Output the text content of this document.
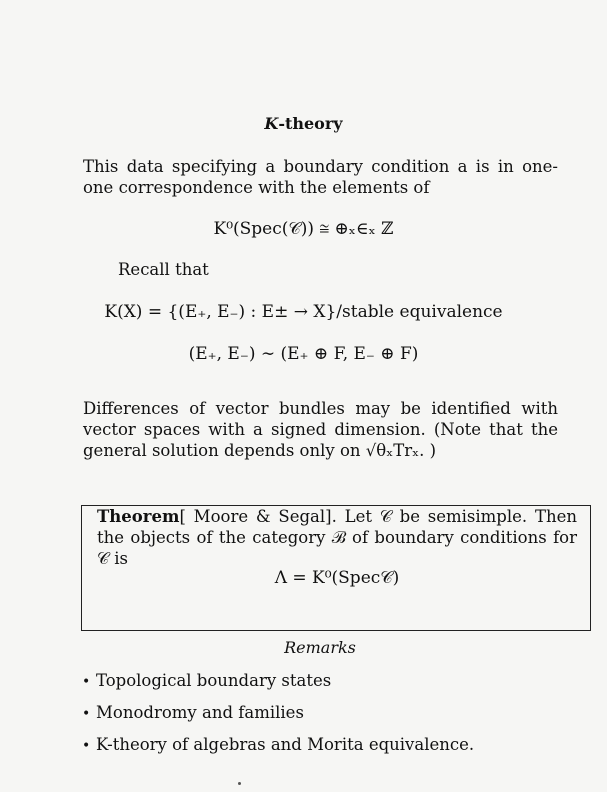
K-theory
This data specifying a boundary condition a is in one-one correspondence with the elements of
K⁰(Spec(𝒞)) ≅ ⊕ₓ∈ₓ ℤ
Recall that
K(X) = {(E₊, E₋) : E± → X}/stable equivalence
(E₊, E₋) ∼ (E₊ ⊕ F, E₋ ⊕ F)
Differences of vector bundles may be identified with vector spaces with a signed dimension. (Note that the general solution depends only on √θₓTrₓ. )
Theorem[ Moore & Segal]. Let 𝒞 be semisimple. Then the objects of the category ℬ of boundary conditions for 𝒞 is
Λ = K⁰(Spec𝒞)
Remarks
• Topological boundary states
• Monodromy and families
• K-theory of algebras and Morita equivalence.
